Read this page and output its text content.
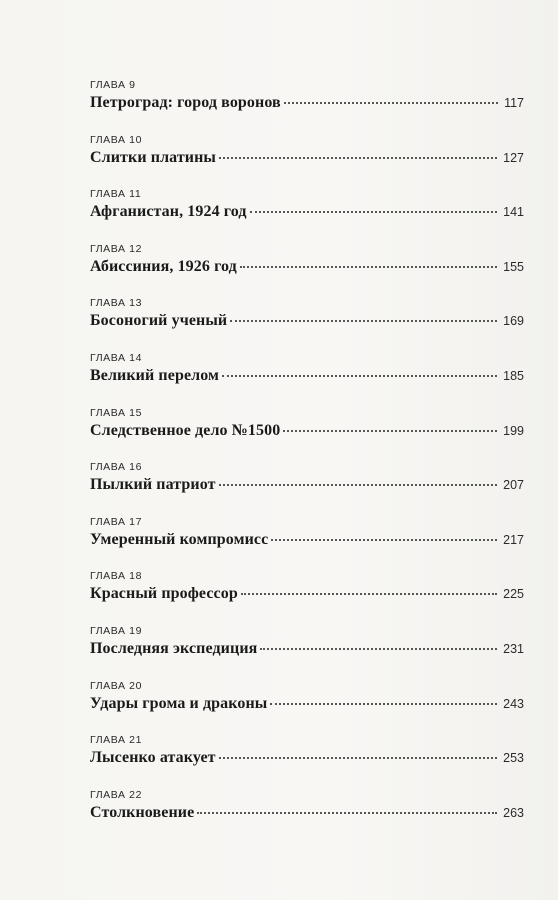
ГЛАВА 9
Петроград: город воронов	117
ГЛАВА 10
Слитки платины	127
ГЛАВА 11
Афганистан, 1924 год	141
ГЛАВА 12
Абиссиния, 1926 год	155
ГЛАВА 13
Босоногий ученый	169
ГЛАВА 14
Великий перелом	185
ГЛАВА 15
Следственное дело №1500	199
ГЛАВА 16
Пылкий патриот	207
ГЛАВА 17
Умеренный компромисс	217
ГЛАВА 18
Красный профессор	225
ГЛАВА 19
Последняя экспедиция	231
ГЛАВА 20
Удары грома и драконы	243
ГЛАВА 21
Лысенко атакует	253
ГЛАВА 22
Столкновение	263
